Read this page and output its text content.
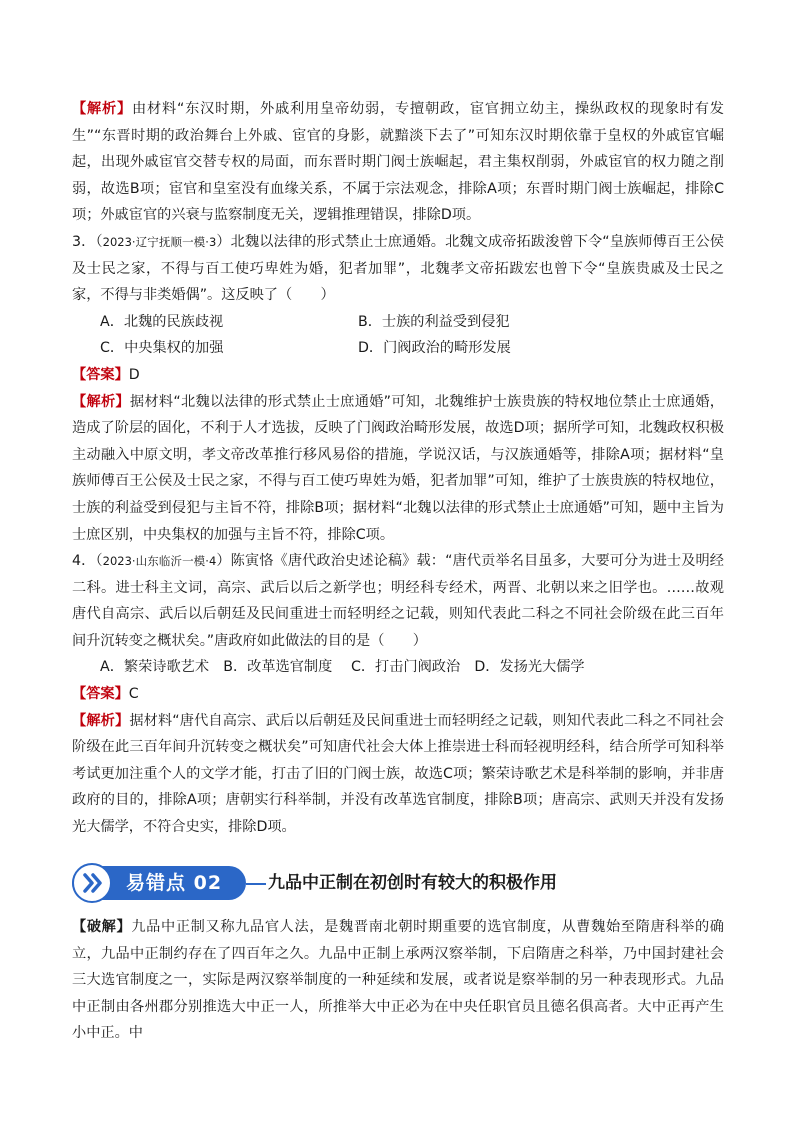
【解析】由材料“东汉时期，外戚利用皇帝幼弱，专擅朝政，宦官拥立幼主，操纵政权的现象时有发生”“东晋时期的政治舞台上外戚、宦官的身影，就黯淡下去了”可知东汉时期依靠于皇权的外戚宦官崛起，出现外戚宦官交替专权的局面，而东晋时期门阀士族崛起，君主集权削弱，外戚宦官的权力随之削弱，故选B项；宦官和皇室没有血缘关系，不属于宗法观念，排除A项；东晋时期门阀士族崛起，排除C项；外戚宦官的兴衰与监察制度无关，逻辑推理错误，排除D项。

3．（2023·辽宁抚顺一模·3）北魏以法律的形式禁止士庶通婚。北魏文成帝拓跋浚曾下令“皇族师傅百王公侯及士民之家，不得与百工使巧卑姓为婚，犯者加罪”，北魏孝文帝拓跋宏也曾下令“皇族贵戚及士民之家，不得与非类婚偶”。这反映了（　　）

A．北魏的民族歧视	B．士族的利益受到侵犯
C．中央集权的加强	D．门阀政治的畸形发展

【答案】D

【解析】据材料“北魏以法律的形式禁止士庶通婚”可知，北魏维护士族贵族的特权地位禁止士庶通婚，造成了阶层的固化，不利于人才选拔，反映了门阀政治畸形发展，故选D项；据所学可知，北魏政权积极主动融入中原文明，孝文帝改革推行移风易俗的措施，学说汉话，与汉族通婚等，排除A项；据材料“皇族师傅百王公侯及士民之家，不得与百工使巧卑姓为婚，犯者加罪”可知，维护了士族贵族的特权地位，士族的利益受到侵犯与主旨不符，排除B项；据材料“北魏以法律的形式禁止士庶通婚”可知，题中主旨为士庶区别，中央集权的加强与主旨不符，排除C项。

4．（2023·山东临沂一模·4）陈寅恪《唐代政治史述论稿》载：“唐代贡举名目虽多，大要可分为进士及明经二科。进士科主文词，高宗、武后以后之新学也；明经科专经术，两晋、北朝以来之旧学也。……故观唐代自高宗、武后以后朝廷及民间重进士而轻明经之记载，则知代表此二科之不同社会阶级在此三百年间升沉转变之概状矣。”唐政府如此做法的目的是（　　）

A．繁荣诗歌艺术　B．改革选官制度　 C．打击门阀政治　D．发扬光大儒学

【答案】C

【解析】据材料“唐代自高宗、武后以后朝廷及民间重进士而轻明经之记载，则知代表此二科之不同社会阶级在此三百年间升沉转变之概状矣”可知唐代社会大体上推崇进士科而轻视明经科，结合所学可知科举考试更加注重个人的文学才能，打击了旧的门阀士族，故选C项；繁荣诗歌艺术是科举制的影响，并非唐政府的目的，排除A项；唐朝实行科举制，并没有改革选官制度，排除B项；唐高宗、武则天并没有发扬光大儒学，不符合史实，排除D项。

易错点 02	九品中正制在初创时有较大的积极作用

【破解】九品中正制又称九品官人法，是魏晋南北朝时期重要的选官制度，从曹魏始至隋唐科举的确立，九品中正制约存在了四百年之久。九品中正制上承两汉察举制，下启隋唐之科举，乃中国封建社会三大选官制度之一，实际是两汉察举制度的一种延续和发展，或者说是察举制的另一种表现形式。九品中正制由各州郡分别推选大中正一人，所推举大中正必为在中央任职官员且德名俱高者。大中正再产生小中正。中
